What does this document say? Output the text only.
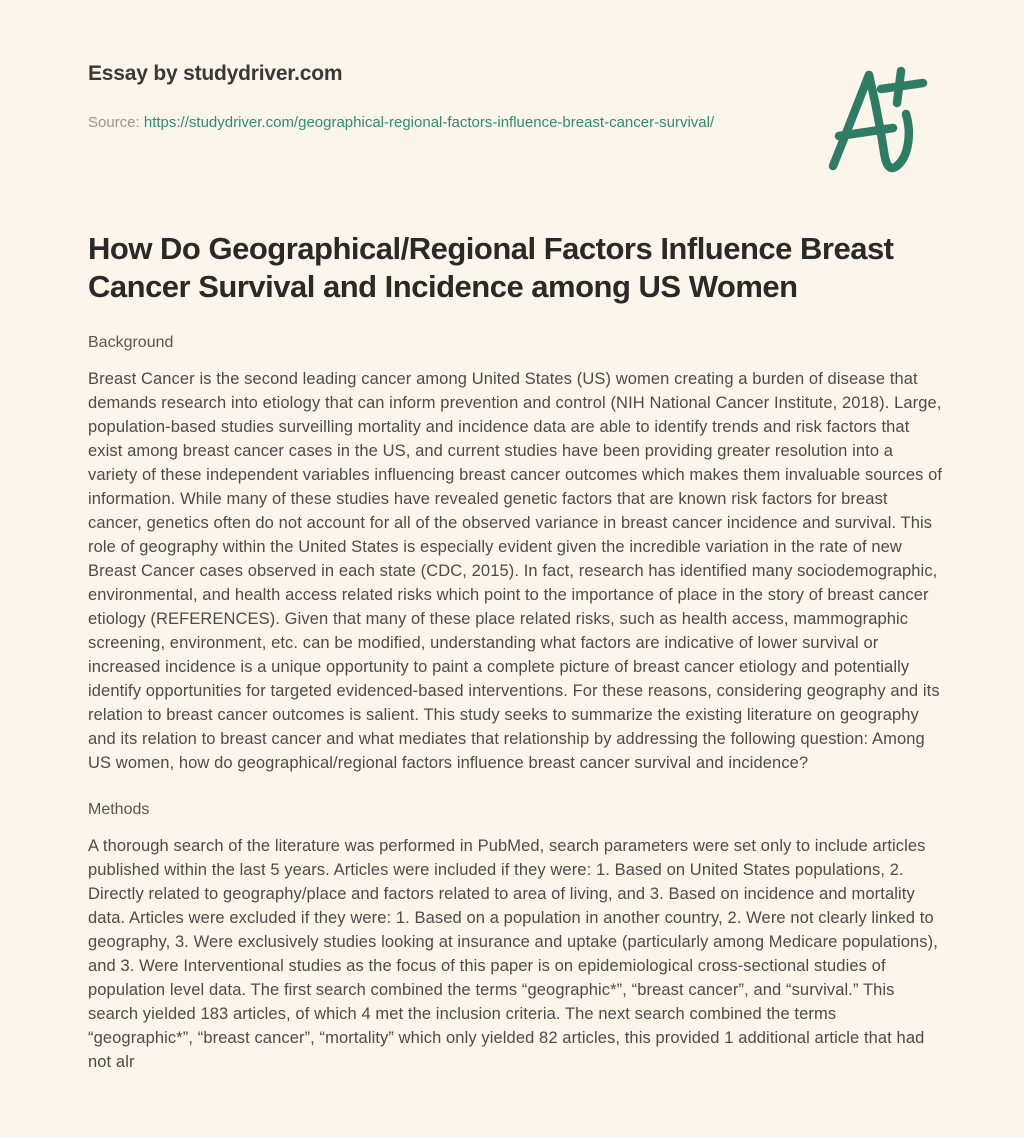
Essay by studydriver.com
Source: https://studydriver.com/geographical-regional-factors-influence-breast-cancer-survival/
How Do Geographical/Regional Factors Influence Breast
Cancer Survival and Incidence among US Women
Background

Breast Cancer is the second leading cancer among United States (US) women creating a burden of disease that demands research into etiology that can inform prevention and control (NIH National Cancer Institute, 2018). Large, population-based studies surveilling mortality and incidence data are able to identify trends and risk factors that exist among breast cancer cases in the US, and current studies have been providing greater resolution into a variety of these independent variables influencing breast cancer outcomes which makes them invaluable sources of information. While many of these studies have revealed genetic factors that are known risk factors for breast cancer, genetics often do not account for all of the observed variance in breast cancer incidence and survival. This role of geography within the United States is especially evident given the incredible variation in the rate of new Breast Cancer cases observed in each state (CDC, 2015). In fact, research has identified many sociodemographic, environmental, and health access related risks which point to the importance of place in the story of breast cancer etiology (REFERENCES). Given that many of these place related risks, such as health access, mammographic screening, environment, etc. can be modified, understanding what factors are indicative of lower survival or increased incidence is a unique opportunity to paint a complete picture of breast cancer etiology and potentially identify opportunities for targeted evidenced-based interventions. For these reasons, considering geography and its relation to breast cancer outcomes is salient. This study seeks to summarize the existing literature on geography and its relation to breast cancer and what mediates that relationship by addressing the following question: Among US women, how do geographical/regional factors influence breast cancer survival and incidence?

Methods

A thorough search of the literature was performed in PubMed, search parameters were set only to include articles published within the last 5 years. Articles were included if they were: 1. Based on United States populations, 2. Directly related to geography/place and factors related to area of living, and 3. Based on incidence and mortality data. Articles were excluded if they were: 1. Based on a population in another country, 2. Were not clearly linked to geography, 3. Were exclusively studies looking at insurance and uptake (particularly among Medicare populations), and 3. Were Interventional studies as the focus of this paper is on epidemiological cross-sectional studies of population level data. The first search combined the terms “geographic*”, “breast cancer”, and “survival.” This search yielded 183 articles, of which 4 met the inclusion criteria. The next search combined the terms “geographic*”, “breast cancer”, “mortality” which only yielded 82 articles, this provided 1 additional article that had not alr
